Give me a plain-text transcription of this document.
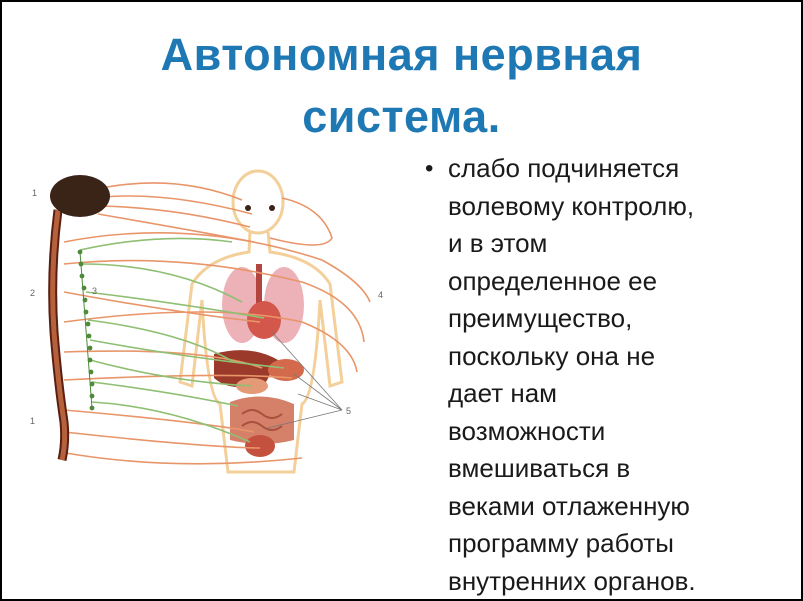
Автономная нервная
система.
1
2	3	4
5
1
• слабо подчиняется
волевому контролю,
и в этом
определенное ее
преимущество,
поскольку она не
дает нам
возможности
вмешиваться в
веками отлаженную
программу работы
внутренних органов.
